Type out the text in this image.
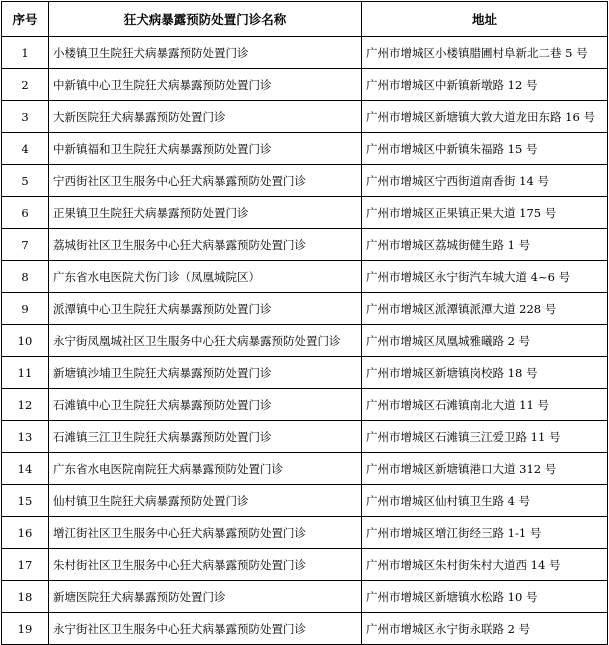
序号	狂犬病暴露预防处置门诊名称	地址
1	小楼镇卫生院狂犬病暴露预防处置门诊	广州市增城区小楼镇腊圃村阜新北二巷 5 号
2	中新镇中心卫生院狂犬病暴露预防处置门诊	广州市增城区中新镇新墩路 12 号
3	大新医院狂犬病暴露预防处置门诊	广州市增城区新塘镇大敦大道龙田东路 16 号
4	中新镇福和卫生院狂犬病暴露预防处置门诊	广州市增城区中新镇朱福路 15 号
5	宁西街社区卫生服务中心狂犬病暴露预防处置门诊	广州市增城区宁西街道南香街 14 号
6	正果镇卫生院狂犬病暴露预防处置门诊	广州市增城区正果镇正果大道 175 号
7	荔城街社区卫生服务中心狂犬病暴露预防处置门诊	广州市增城区荔城街健生路 1 号
8	广东省水电医院犬伤门诊（凤凰城院区）	广州市增城区永宁街汽车城大道 4~6 号
9	派潭镇中心卫生院狂犬病暴露预防处置门诊	广州市增城区派潭镇派潭大道 228 号
10	永宁街凤凰城社区卫生服务中心狂犬病暴露预防处置门诊	广州市增城区凤凰城雅曦路 2 号
11	新塘镇沙埔卫生院狂犬病暴露预防处置门诊	广州市增城区新塘镇岗校路 18 号
12	石滩镇中心卫生院狂犬病暴露预防处置门诊	广州市增城区石滩镇南北大道 11 号
13	石滩镇三江卫生院狂犬病暴露预防处置门诊	广州市增城区石滩镇三江爱卫路 11 号
14	广东省水电医院南院狂犬病暴露预防处置门诊	广州市增城区新塘镇港口大道 312 号
15	仙村镇卫生院狂犬病暴露预防处置门诊	广州市增城区仙村镇卫生路 4 号
16	增江街社区卫生服务中心狂犬病暴露预防处置门诊	广州市增城区增江街经三路 1-1 号
17	朱村街社区卫生服务中心狂犬病暴露预防处置门诊	广州市增城区朱村街朱村大道西 14 号
18	新塘医院狂犬病暴露预防处置门诊	广州市增城区新塘镇水松路 10 号
19	永宁街社区卫生服务中心狂犬病暴露预防处置门诊	广州市增城区永宁街永联路 2 号
